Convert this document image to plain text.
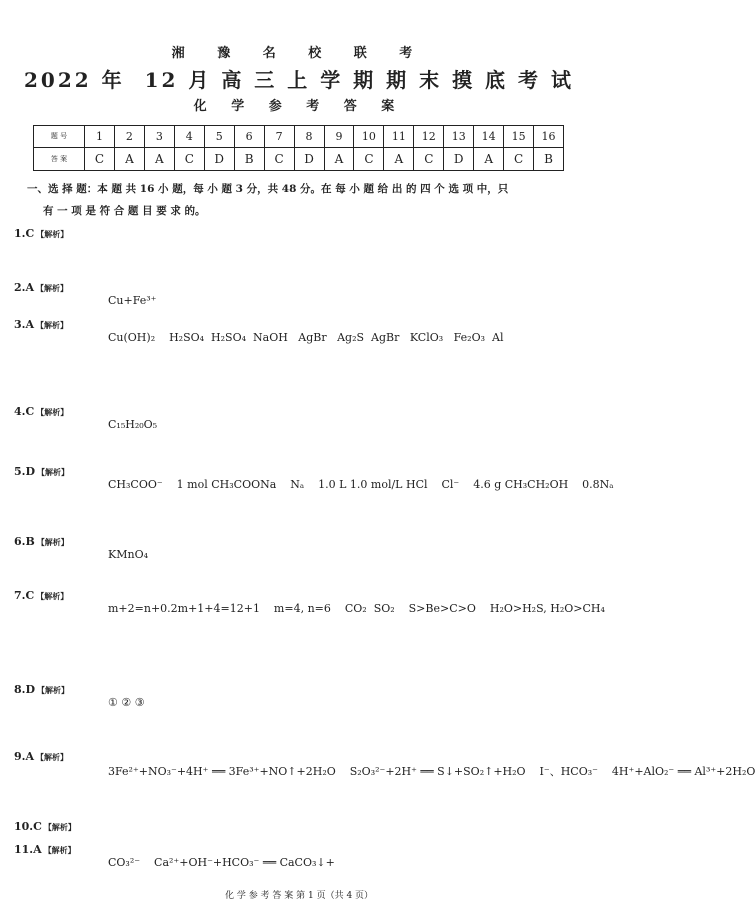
湘 豫 名 校 联 考
2022 年  12 月 高 三 上 学 期 期 末 摸 底 考 试
化 学 参 考 答 案
题 号	1	2	3	4	5	6	7	8	9	10	11	12	13	14	15	16
答 案	C	A	A	C	D	B	C	D	A	C	A	C	D	A	C	B
一、选 择 题：本 题 共 16 小 题，每 小 题 3 分，共 48 分。在 每 小 题 给 出 的 四 个 选 项 中，只
有 一 项 是 符 合 题 目 要 求 的。
1.C 【解析】
2.A 【解析】
Cu+Fe³⁺
3.A 【解析】
Cu(OH)₂    H₂SO₄  H₂SO₄  NaOH   AgBr   Ag₂S  AgBr   KClO₃   Fe₂O₃  Al
4.C 【解析】
C₁₅H₂₀O₅
5.D 【解析】
CH₃COO⁻    1 mol CH₃COONa    Nₐ    1.0 L 1.0 mol/L HCl    Cl⁻    4.6 g CH₃CH₂OH    0.8Nₐ
6.B 【解析】
KMnO₄
7.C 【解析】
m+2=n+0.2m+1+4=12+1    m=4, n=6    CO₂  SO₂    S>Be>C>O    H₂O>H₂S, H₂O>CH₄
8.D 【解析】
① ② ③
9.A 【解析】
3Fe²⁺+NO₃⁻+4H⁺ ══ 3Fe³⁺+NO↑+2H₂O    S₂O₃²⁻+2H⁺ ══ S↓+SO₂↑+H₂O    I⁻、HCO₃⁻    4H⁺+AlO₂⁻ ══ Al³⁺+2H₂O
10.C 【解析】
11.A 【解析】
CO₃²⁻    Ca²⁺+OH⁻+HCO₃⁻ ══ CaCO₃↓+
化 学 参 考 答 案 第 1 页（共 4 页）
